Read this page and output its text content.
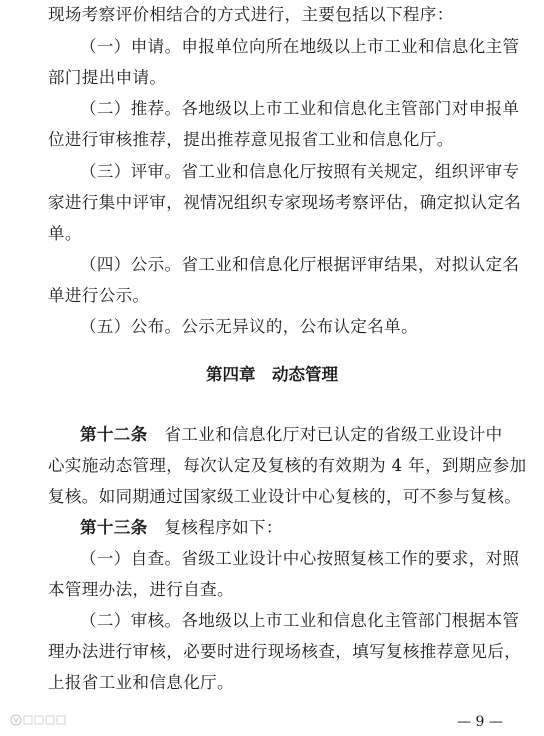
现场考察评价相结合的方式进行，主要包括以下程序：
（一）申请。申报单位向所在地级以上市工业和信息化主管
部门提出申请。
（二）推荐。各地级以上市工业和信息化主管部门对申报单
位进行审核推荐，提出推荐意见报省工业和信息化厅。
（三）评审。省工业和信息化厅按照有关规定，组织评审专
家进行集中评审，视情况组织专家现场考察评估，确定拟认定名
单。
（四）公示。省工业和信息化厅根据评审结果，对拟认定名
单进行公示。
（五）公布。公示无异议的，公布认定名单。
第四章　动态管理
第十二条　省工业和信息化厅对已认定的省级工业设计中
心实施动态管理，每次认定及复核的有效期为 4 年，到期应参加
复核。如同期通过国家级工业设计中心复核的，可不参与复核。
第十三条　复核程序如下：
（一）自查。省级工业设计中心按照复核工作的要求，对照
本管理办法，进行自查。
（二）审核。各地级以上市工业和信息化主管部门根据本管
理办法进行审核，必要时进行现场核查，填写复核推荐意见后，
上报省工业和信息化厅。
— 9 —
